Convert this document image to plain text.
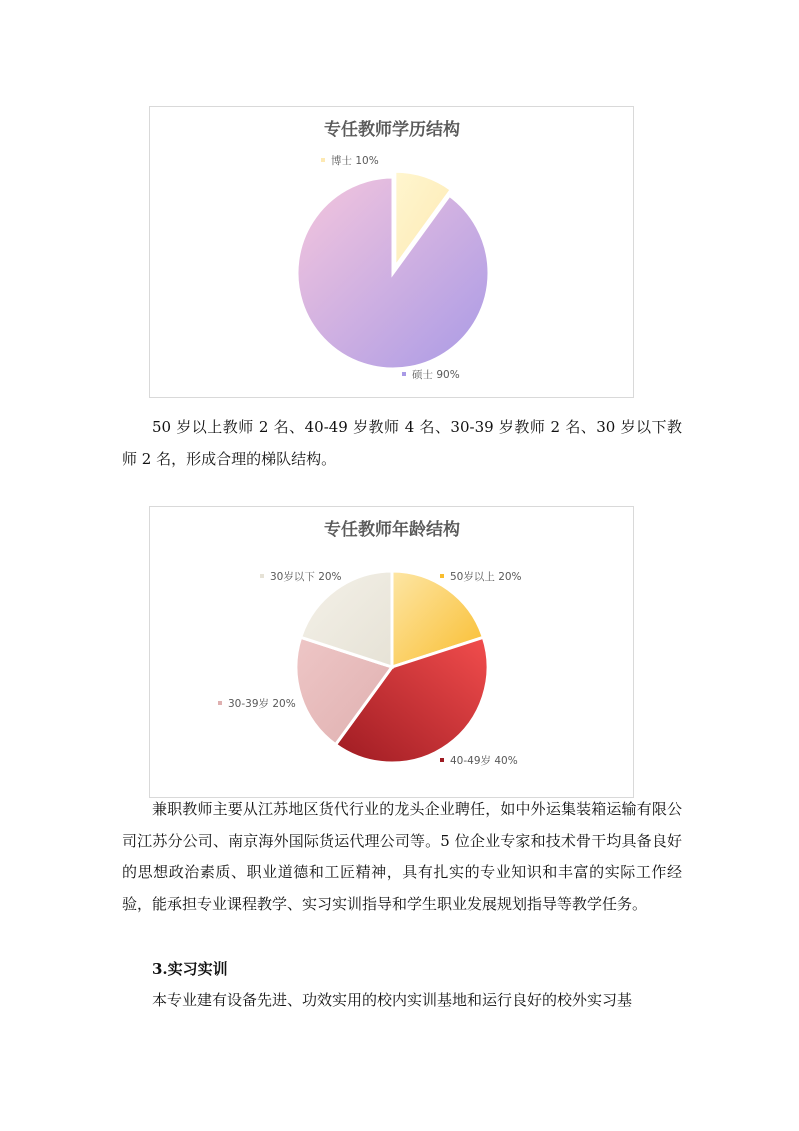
专任教师学历结构
博士 10%
硕士 90%

50 岁以上教师 2 名、40-49 岁教师 4 名、30-39 岁教师 2 名、30 岁以下教师 2 名，形成合理的梯队结构。

专任教师年龄结构
50岁以上 20%
40-49岁 40%
30-39岁 20%
30岁以下 20%

兼职教师主要从江苏地区货代行业的龙头企业聘任，如中外运集装箱运输有限公司江苏分公司、南京海外国际货运代理公司等。5 位企业专家和技术骨干均具备良好的思想政治素质、职业道德和工匠精神，具有扎实的专业知识和丰富的实际工作经验，能承担专业课程教学、实习实训指导和学生职业发展规划指导等教学任务。

3.实习实训

本专业建有设备先进、功效实用的校内实训基地和运行良好的校外实习基
